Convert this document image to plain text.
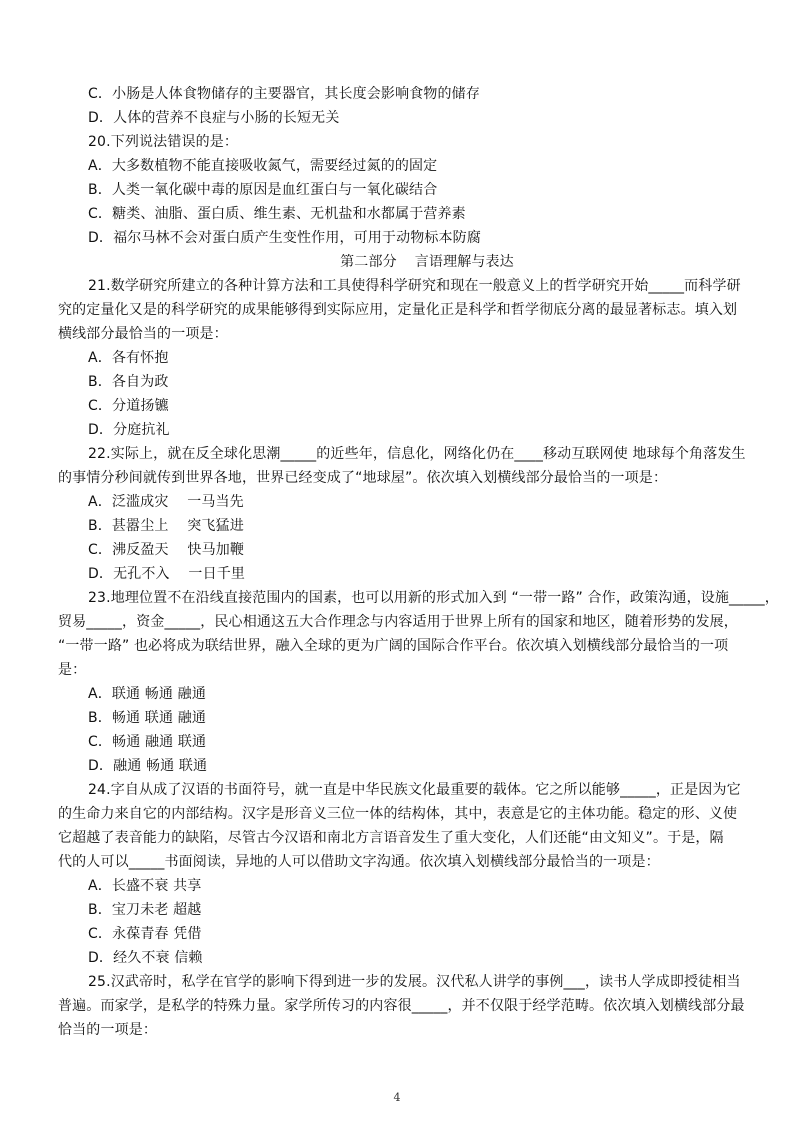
C．小肠是人体食物储存的主要器官，其长度会影响食物的储存
D．人体的营养不良症与小肠的长短无关
20.下列说法错误的是：
A．大多数植物不能直接吸收氮气，需要经过氮的的固定
B．人类一氧化碳中毒的原因是血红蛋白与一氧化碳结合
C．糖类、油脂、蛋白质、维生素、无机盐和水都属于营养素
D．福尔马林不会对蛋白质产生变性作用，可用于动物标本防腐
第二部分 言语理解与表达
21.数学研究所建立的各种计算方法和工具使得科学研究和现在一般意义上的哲学研究开始_____而科学研
究的定量化又是的科学研究的成果能够得到实际应用，定量化正是科学和哲学彻底分离的最显著标志。填入划
横线部分最恰当的一项是：
A．各有怀抱
B．各自为政
C．分道扬镳
D．分庭抗礼
22.实际上，就在反全球化思潮_____的近些年，信息化，网络化仍在____移动互联网使 地球每个角落发生
的事情分秒间就传到世界各地，世界已经变成了“地球屋”。依次填入划横线部分最恰当的一项是：
A．泛滥成灾　 一马当先
B．甚嚣尘上　 突飞猛进
C．沸反盈天　 快马加鞭
D．无孔不入　 一日千里
23.地理位置不在沿线直接范围内的国素，也可以用新的形式加入到 “一带一路” 合作，政策沟通，设施_____，
贸易_____，资金_____，民心相通这五大合作理念与内容适用于世界上所有的国家和地区，随着形势的发展，
“一带一路” 也必将成为联结世界，融入全球的更为广阔的国际合作平台。依次填入划横线部分最恰当的一项
是：
A．联通 畅通 融通
B．畅通 联通 融通
C．畅通 融通 联通
D．融通 畅通 联通
24.字自从成了汉语的书面符号，就一直是中华民族文化最重要的载体。它之所以能够_____，正是因为它
的生命力来自它的内部结构。汉字是形音义三位一体的结构体，其中，表意是它的主体功能。稳定的形、义使
它超越了表音能力的缺陷，尽管古今汉语和南北方言语音发生了重大变化，人们还能“由文知义”。于是，隔
代的人可以_____书面阅读，异地的人可以借助文字沟通。依次填入划横线部分最恰当的一项是：
A．长盛不衰 共享
B．宝刀未老 超越
C．永葆青春 凭借
D．经久不衰 信赖
25.汉武帝时，私学在官学的影响下得到进一步的发展。汉代私人讲学的事例___，读书人学成即授徒相当
普遍。而家学，是私学的特殊力量。家学所传习的内容很_____，并不仅限于经学范畴。依次填入划横线部分最
恰当的一项是：
4
